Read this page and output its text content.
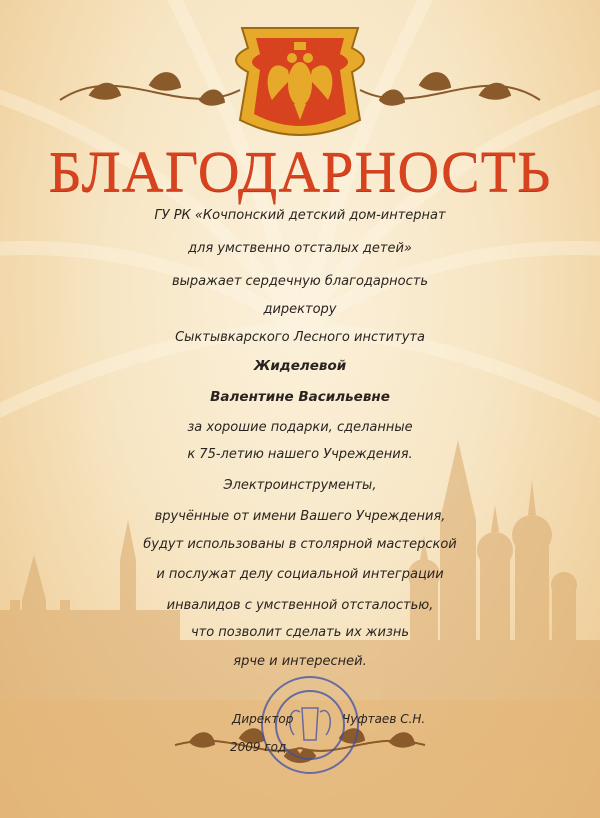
БЛАГОДАРНОСТЬ
ГУ РК «Кочпонский детский дом-интернат
для умственно отсталых детей»
выражает сердечную благодарность
директору
Сыктывкарского Лесного института
Жиделевой
Валентине Васильевне
за хорошие подарки, сделанные
к 75-летию нашего Учреждения.
Электроинструменты,
вручённые от имени Вашего Учреждения,
будут использованы в столярной мастерской
и послужат делу социальной интеграции
инвалидов с умственной отсталостью,
что позволит сделать их жизнь
ярче и интересней.
Директор	Чуфтаев С.Н.
2009 год
